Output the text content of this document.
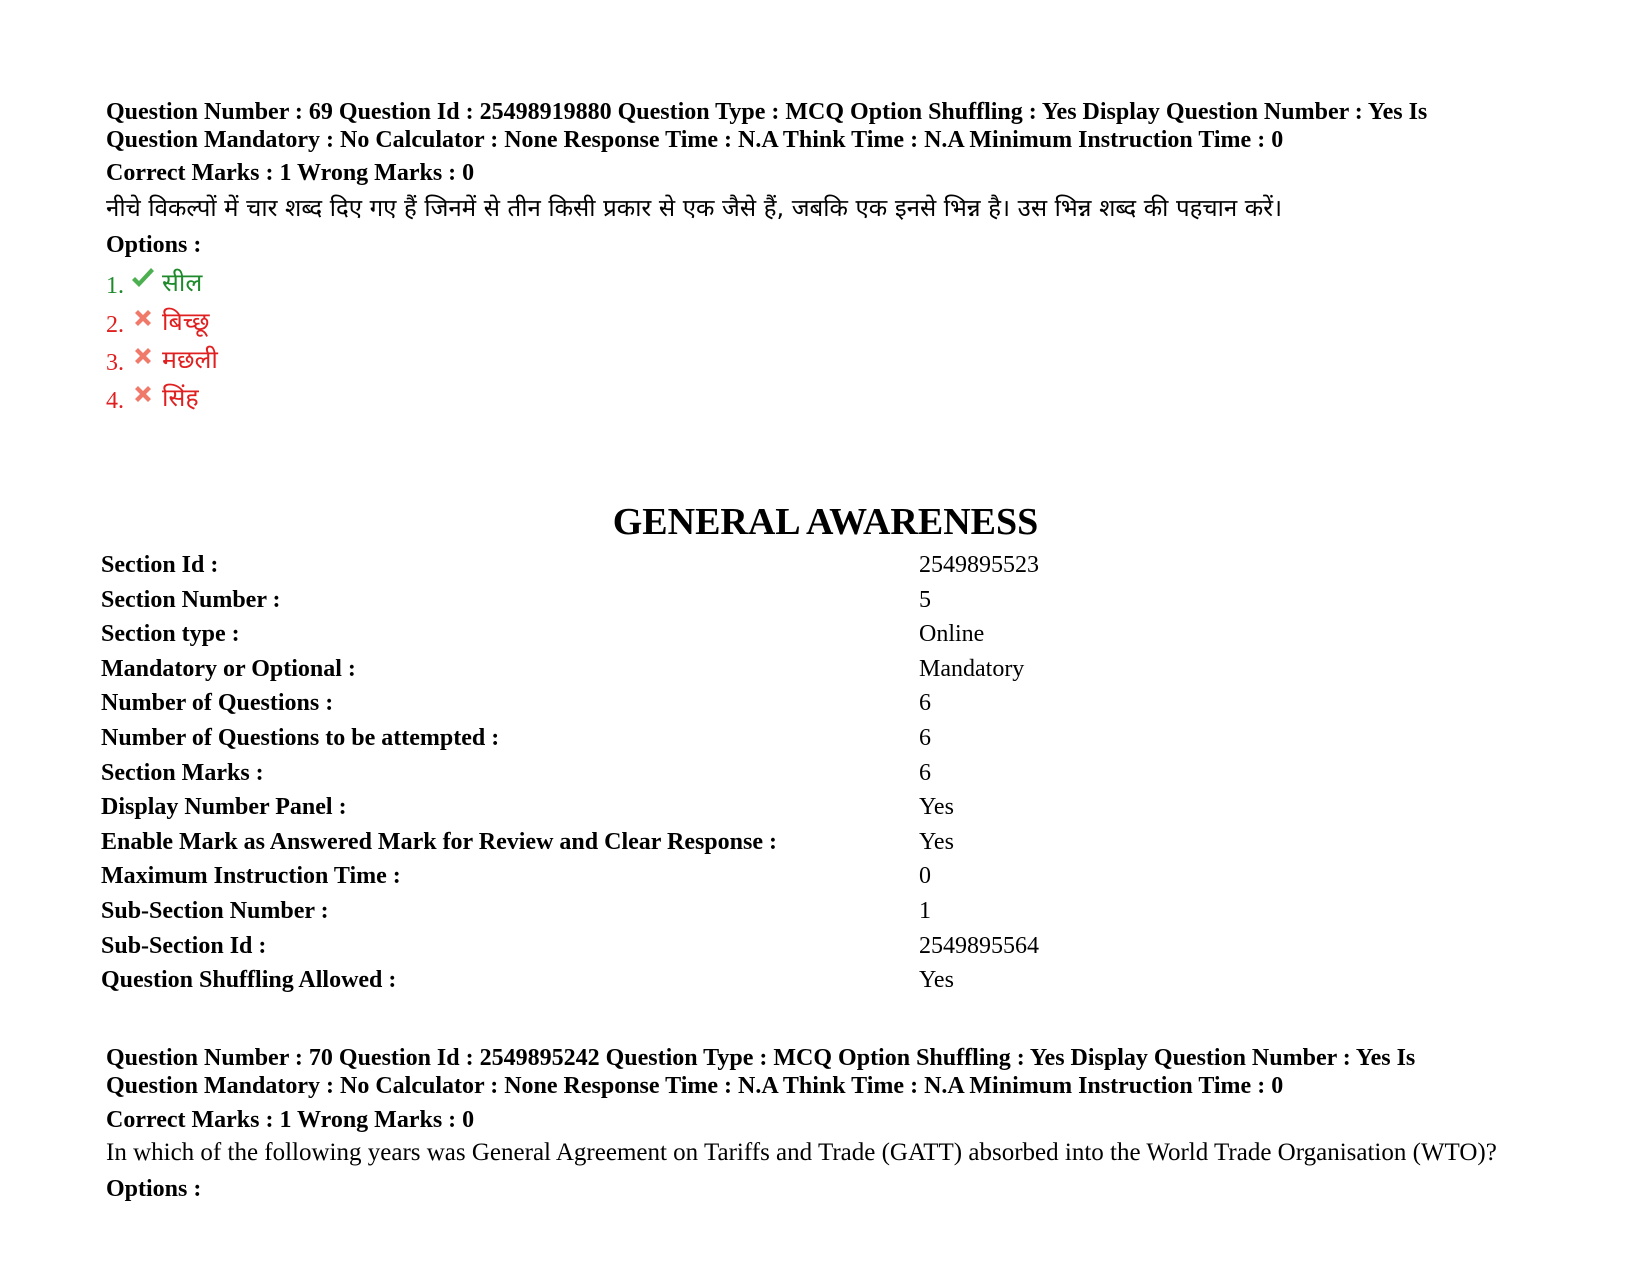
Question Number : 69 Question Id : 25498919880 Question Type : MCQ Option Shuffling : Yes Display Question Number : Yes Is
Question Mandatory : No Calculator : None Response Time : N.A Think Time : N.A Minimum Instruction Time : 0
Correct Marks : 1 Wrong Marks : 0
नीचे विकल्पों में चार शब्द दिए गए हैं जिनमें से तीन किसी प्रकार से एक जैसे हैं, जबकि एक इनसे भिन्न है। उस भिन्न शब्द की पहचान करें।
Options :
1. सील
2. बिच्छू
3. मछली
4. सिंह
GENERAL AWARENESS
Section Id :	2549895523
Section Number :	5
Section type :	Online
Mandatory or Optional :	Mandatory
Number of Questions :	6
Number of Questions to be attempted :	6
Section Marks :	6
Display Number Panel :	Yes
Enable Mark as Answered Mark for Review and Clear Response :	Yes
Maximum Instruction Time :	0
Sub-Section Number :	1
Sub-Section Id :	2549895564
Question Shuffling Allowed :	Yes
Question Number : 70 Question Id : 2549895242 Question Type : MCQ Option Shuffling : Yes Display Question Number : Yes Is
Question Mandatory : No Calculator : None Response Time : N.A Think Time : N.A Minimum Instruction Time : 0
Correct Marks : 1 Wrong Marks : 0
In which of the following years was General Agreement on Tariffs and Trade (GATT) absorbed into the World Trade Organisation (WTO)?
Options :
